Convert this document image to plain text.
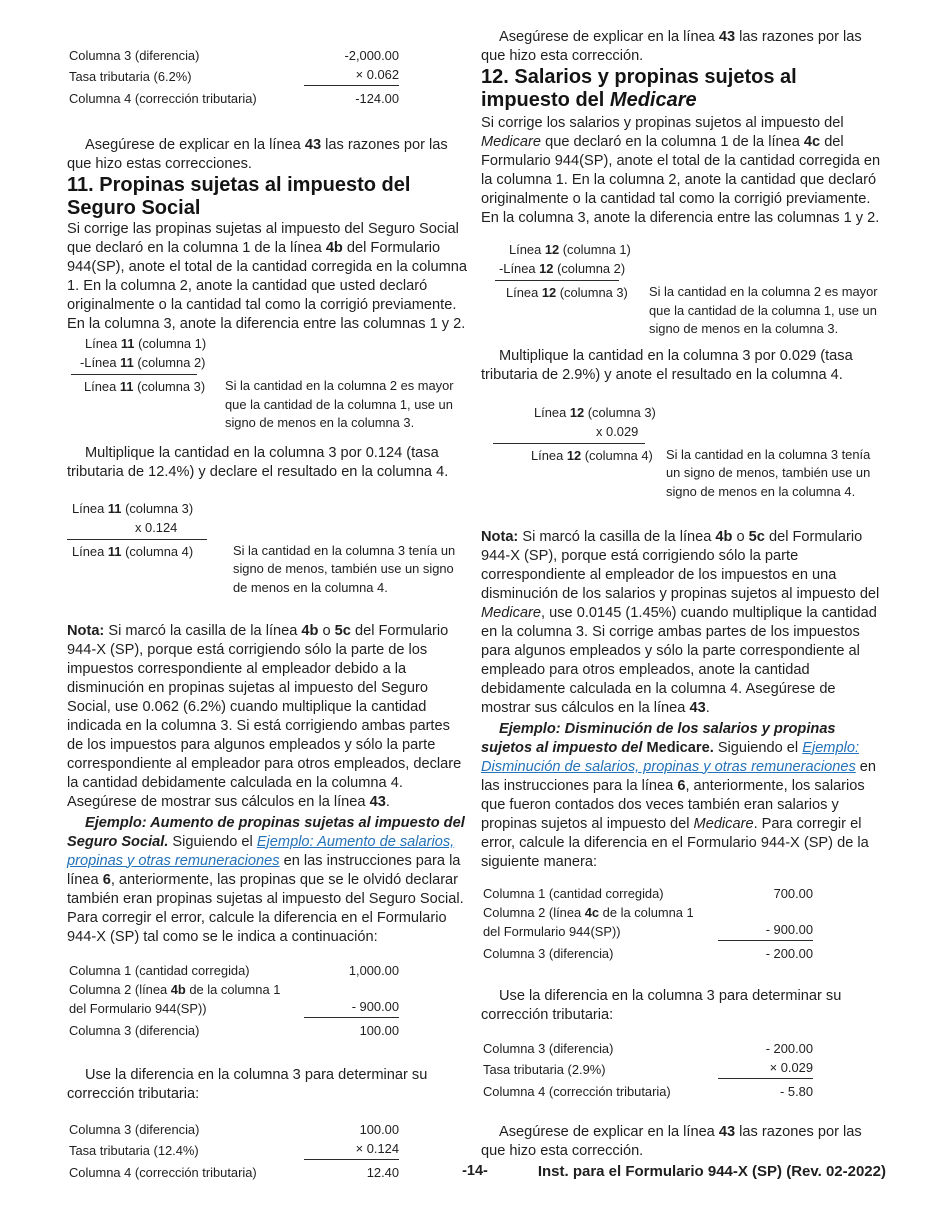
Columna 3 (diferencia)	-2,000.00
Tasa tributaria (6.2%)	× 0.062
Columna 4 (corrección tributaria)	-124.00

Asegúrese de explicar en la línea 43 las razones por las que hizo estas correcciones.

11. Propinas sujetas al impuesto del Seguro Social

Si corrige las propinas sujetas al impuesto del Seguro Social que declaró en la columna 1 de la línea 4b del Formulario 944(SP), anote el total de la cantidad corregida en la columna 1. En la columna 2, anote la cantidad que usted declaró originalmente o la cantidad tal como la corrigió previamente. En la columna 3, anote la diferencia entre las columnas 1 y 2.

Línea 11 (columna 1)
-Línea 11 (columna 2)
Línea 11 (columna 3)	Si la cantidad en la columna 2 es mayor que la cantidad de la columna 1, use un signo de menos en la columna 3.

Multiplique la cantidad en la columna 3 por 0.124 (tasa tributaria de 12.4%) y declare el resultado en la columna 4.

Línea 11 (columna 3)
x 0.124
Línea 11 (columna 4)	Si la cantidad en la columna 3 tenía un signo de menos, también use un signo de menos en la columna 4.

Nota: Si marcó la casilla de la línea 4b o 5c del Formulario 944-X (SP), porque está corrigiendo sólo la parte de los impuestos correspondiente al empleador debido a la disminución en propinas sujetas al impuesto del Seguro Social, use 0.062 (6.2%) cuando multiplique la cantidad indicada en la columna 3. Si está corrigiendo ambas partes de los impuestos para algunos empleados y sólo la parte correspondiente al empleador para otros empleados, declare la cantidad debidamente calculada en la columna 4. Asegúrese de mostrar sus cálculos en la línea 43.

Ejemplo: Aumento de propinas sujetas al impuesto del Seguro Social. Siguiendo el Ejemplo: Aumento de salarios, propinas y otras remuneraciones en las instrucciones para la línea 6, anteriormente, las propinas que se le olvidó declarar también eran propinas sujetas al impuesto del Seguro Social. Para corregir el error, calcule la diferencia en el Formulario 944-X (SP) tal como se le indica a continuación:

Columna 1 (cantidad corregida)	1,000.00
Columna 2 (línea 4b de la columna 1 del Formulario 944(SP))	- 900.00
Columna 3 (diferencia)	100.00

Use la diferencia en la columna 3 para determinar su corrección tributaria:

Columna 3 (diferencia)	100.00
Tasa tributaria (12.4%)	× 0.124
Columna 4 (corrección tributaria)	12.40

Asegúrese de explicar en la línea 43 las razones por las que hizo esta corrección.

12. Salarios y propinas sujetos al impuesto del Medicare

Si corrige los salarios y propinas sujetos al impuesto del Medicare que declaró en la columna 1 de la línea 4c del Formulario 944(SP), anote el total de la cantidad corregida en la columna 1. En la columna 2, anote la cantidad que declaró originalmente o la cantidad tal como la corrigió previamente. En la columna 3, anote la diferencia entre las columnas 1 y 2.

Línea 12 (columna 1)
-Línea 12 (columna 2)
Línea 12 (columna 3)	Si la cantidad en la columna 2 es mayor que la cantidad de la columna 1, use un signo de menos en la columna 3.

Multiplique la cantidad en la columna 3 por 0.029 (tasa tributaria de 2.9%) y anote el resultado en la columna 4.

Línea 12 (columna 3)
x 0.029
Línea 12 (columna 4)	Si la cantidad en la columna 3 tenía un signo de menos, también use un signo de menos en la columna 4.

Nota: Si marcó la casilla de la línea 4b o 5c del Formulario 944-X (SP), porque está corrigiendo sólo la parte correspondiente al empleador de los impuestos en una disminución de los salarios y propinas sujetos al impuesto del Medicare, use 0.0145 (1.45%) cuando multiplique la cantidad en la columna 3. Si corrige ambas partes de los impuestos para algunos empleados y sólo la parte correspondiente al empleado para otros empleados, anote la cantidad debidamente calculada en la columna 4. Asegúrese de mostrar sus cálculos en la línea 43.

Ejemplo: Disminución de los salarios y propinas sujetos al impuesto del Medicare. Siguiendo el Ejemplo: Disminución de salarios, propinas y otras remuneraciones en las instrucciones para la línea 6, anteriormente, los salarios que fueron contados dos veces también eran salarios y propinas sujetos al impuesto del Medicare. Para corregir el error, calcule la diferencia en el Formulario 944-X (SP) de la siguiente manera:

Columna 1 (cantidad corregida)	700.00
Columna 2 (línea 4c de la columna 1 del Formulario 944(SP))	- 900.00
Columna 3 (diferencia)	- 200.00

Use la diferencia en la columna 3 para determinar su corrección tributaria:

Columna 3 (diferencia)	- 200.00
Tasa tributaria (2.9%)	× 0.029
Columna 4 (corrección tributaria)	- 5.80

Asegúrese de explicar en la línea 43 las razones por las que hizo esta corrección.

-14-	Inst. para el Formulario 944-X (SP) (Rev. 02-2022)
